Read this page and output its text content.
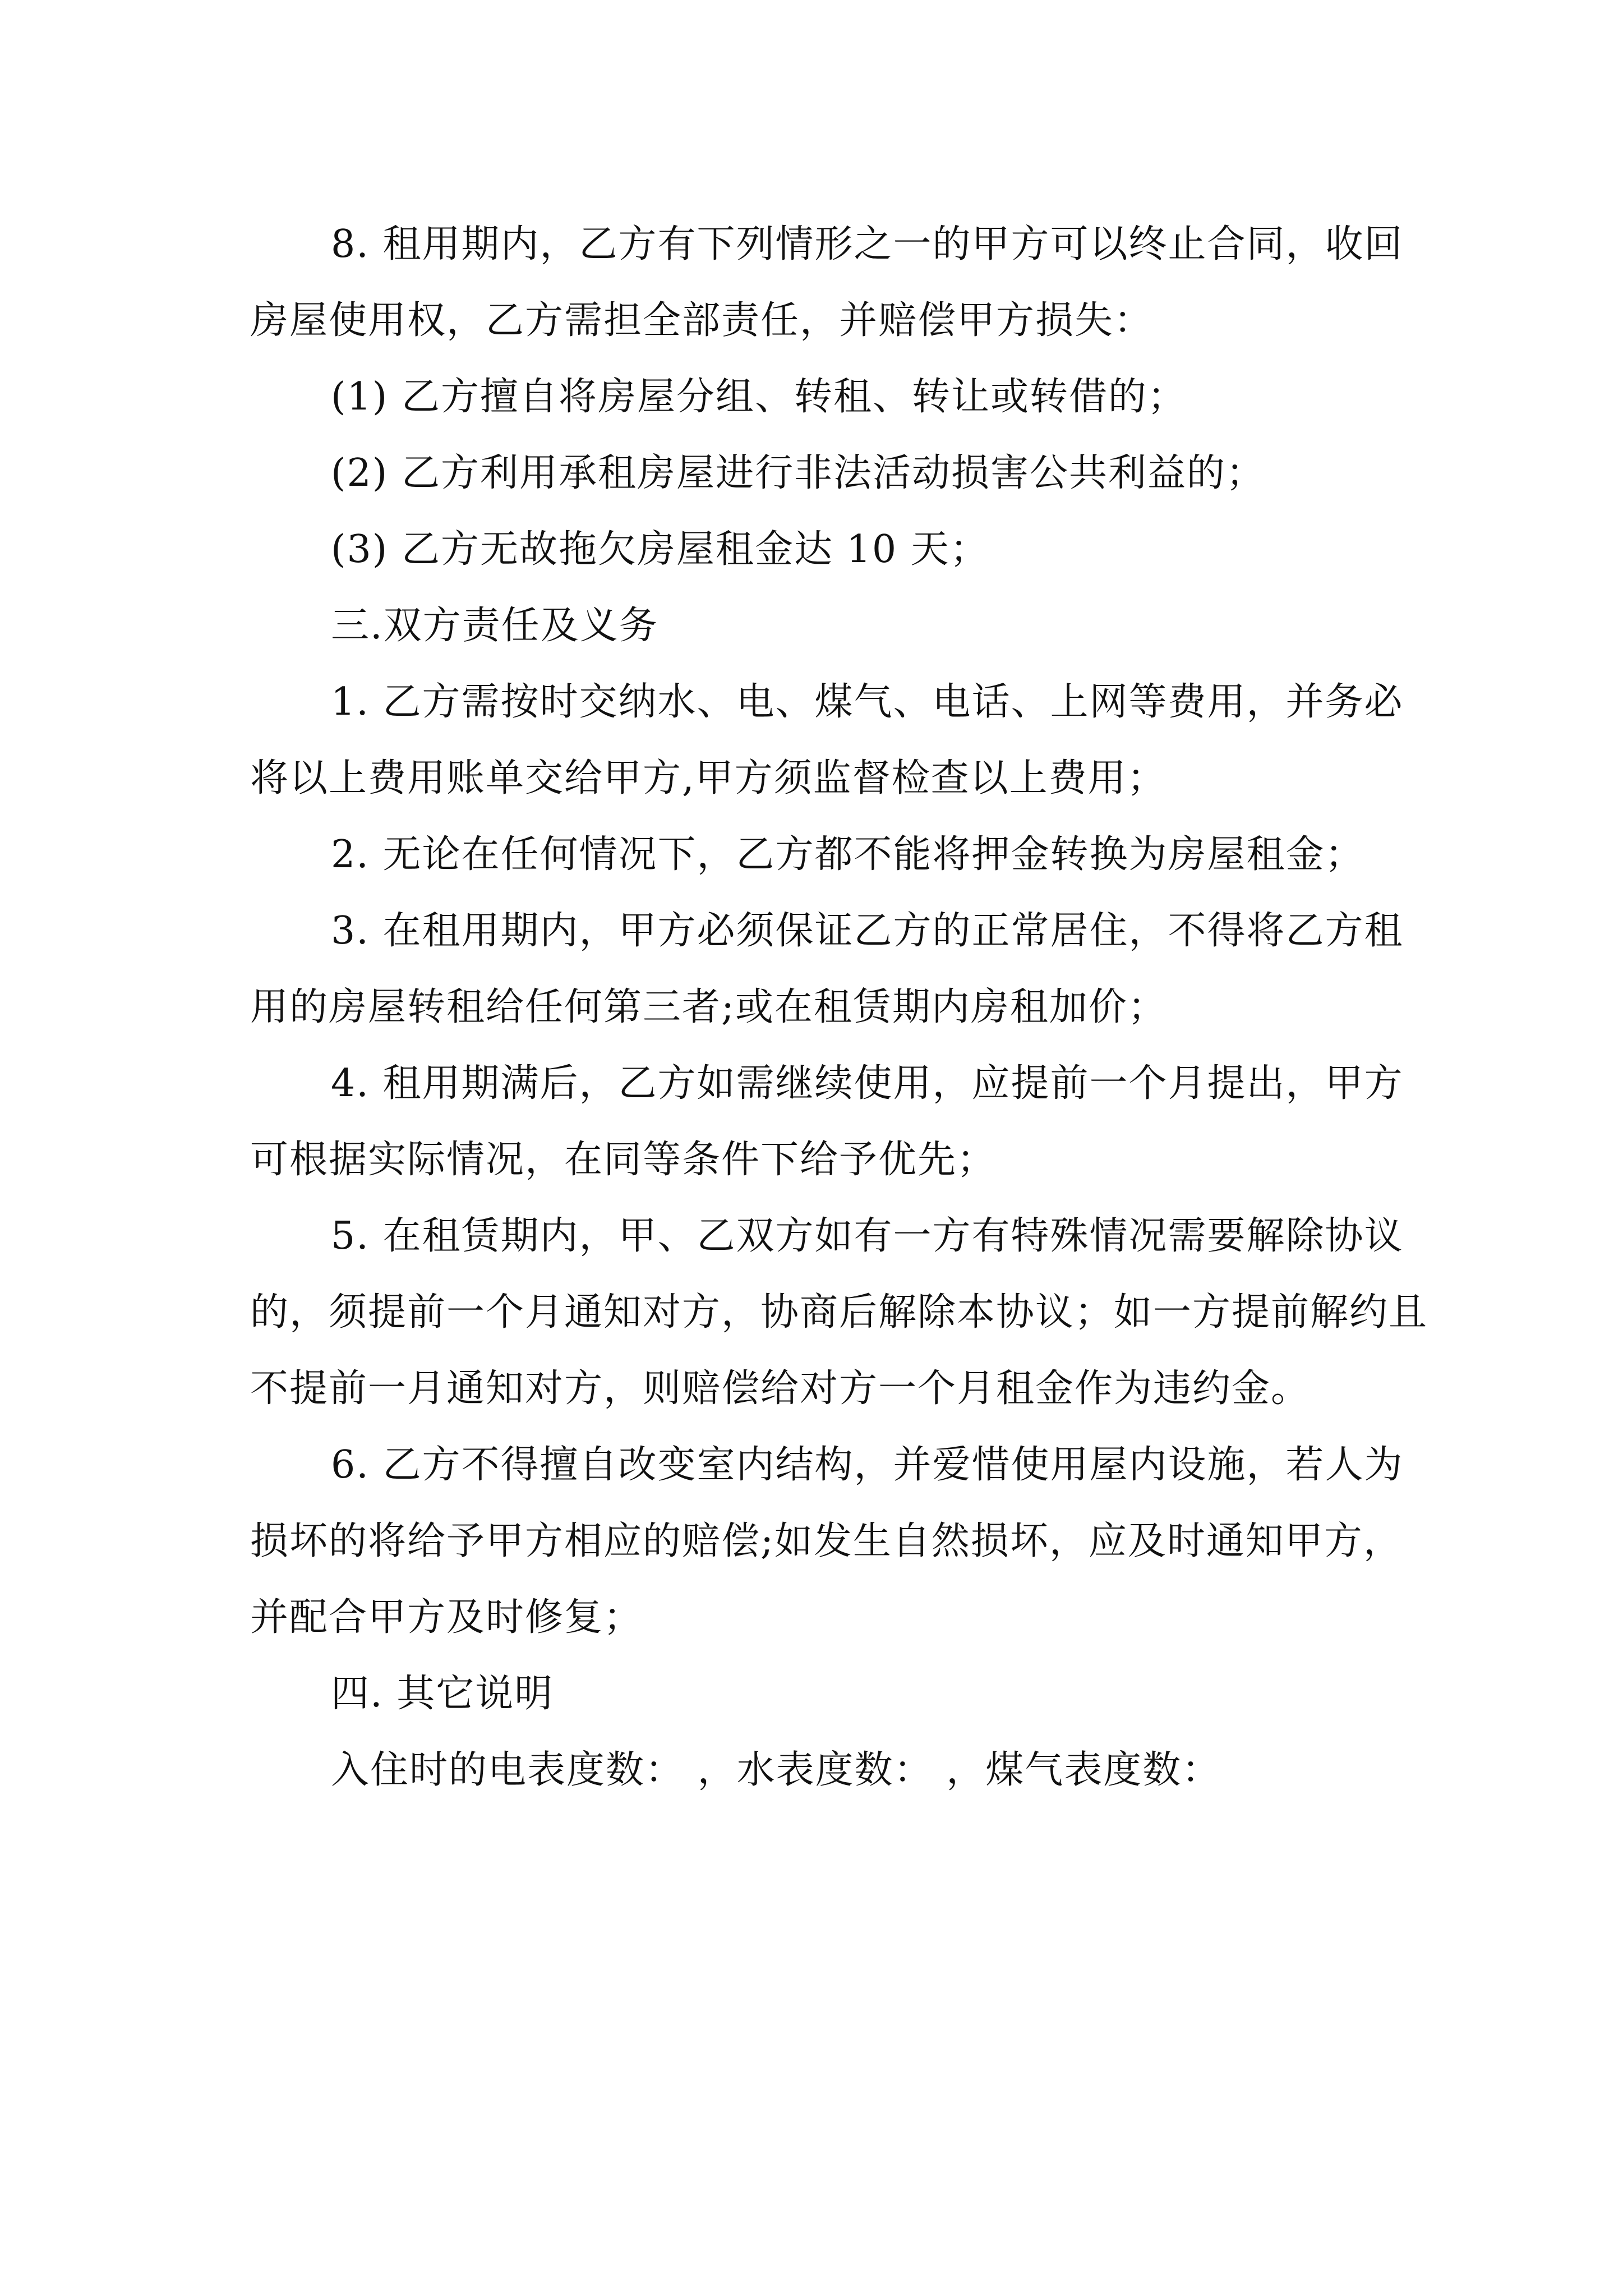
8. 租用期内，乙方有下列情形之一的甲方可以终止合同，收回房屋使用权，乙方需担全部责任，并赔偿甲方损失：

(1) 乙方擅自将房屋分组、转租、转让或转借的；

(2) 乙方利用承租房屋进行非法活动损害公共利益的；

(3) 乙方无故拖欠房屋租金达 10 天；

三.双方责任及义务

1. 乙方需按时交纳水、电、煤气、电话、上网等费用，并务必将以上费用账单交给甲方,甲方须监督检查以上费用；

2. 无论在任何情况下，乙方都不能将押金转换为房屋租金；

3. 在租用期内，甲方必须保证乙方的正常居住，不得将乙方租用的房屋转租给任何第三者;或在租赁期内房租加价；

4. 租用期满后，乙方如需继续使用，应提前一个月提出，甲方可根据实际情况，在同等条件下给予优先；

5. 在租赁期内，甲、乙双方如有一方有特殊情况需要解除协议的，须提前一个月通知对方，协商后解除本协议；如一方提前解约且不提前一月通知对方，则赔偿给对方一个月租金作为违约金。

6. 乙方不得擅自改变室内结构，并爱惜使用屋内设施，若人为损坏的将给予甲方相应的赔偿;如发生自然损坏，应及时通知甲方，并配合甲方及时修复；

四. 其它说明

入住时的电表度数： ，水表度数： ，煤气表度数：
